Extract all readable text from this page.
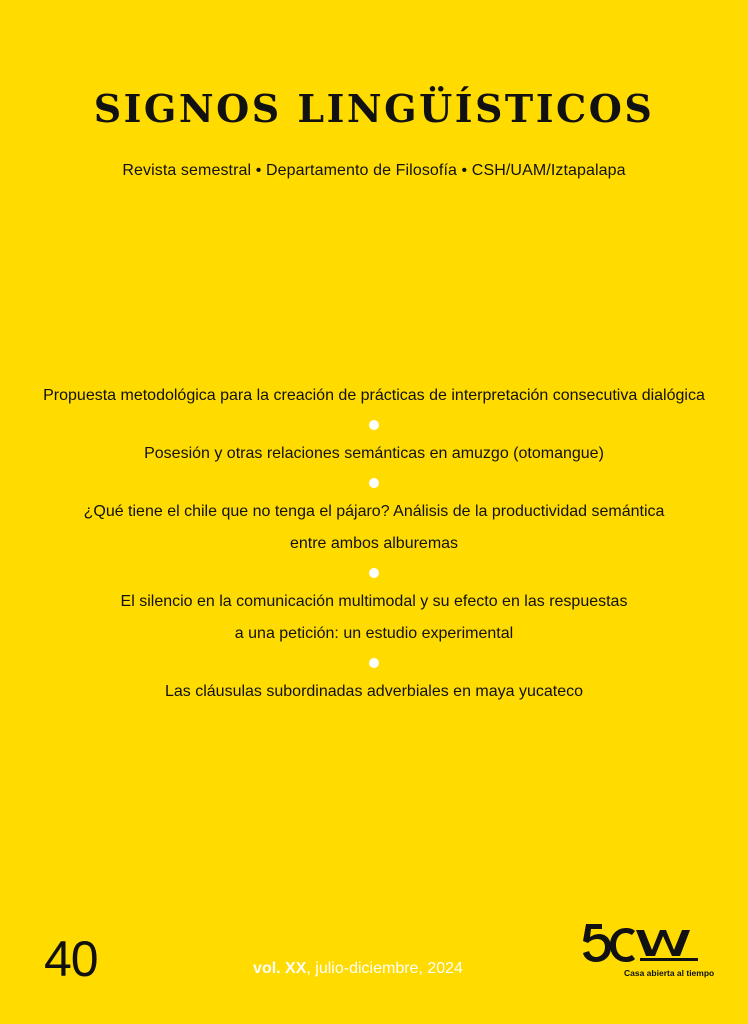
SIGNOS LINGÜÍSTICOS
Revista semestral • Departamento de Filosofía • CSH/UAM/Iztapalapa
Propuesta metodológica para la creación de prácticas de interpretación consecutiva dialógica
Posesión y otras relaciones semánticas en amuzgo (otomangue)
¿Qué tiene el chile que no tenga el pájaro? Análisis de la productividad semántica
entre ambos alburemas
El silencio en la comunicación multimodal y su efecto en las respuestas
a una petición: un estudio experimental
Las cláusulas subordinadas adverbiales en maya yucateco
40	vol. XX, julio-diciembre, 2024	Casa abierta al tiempo
